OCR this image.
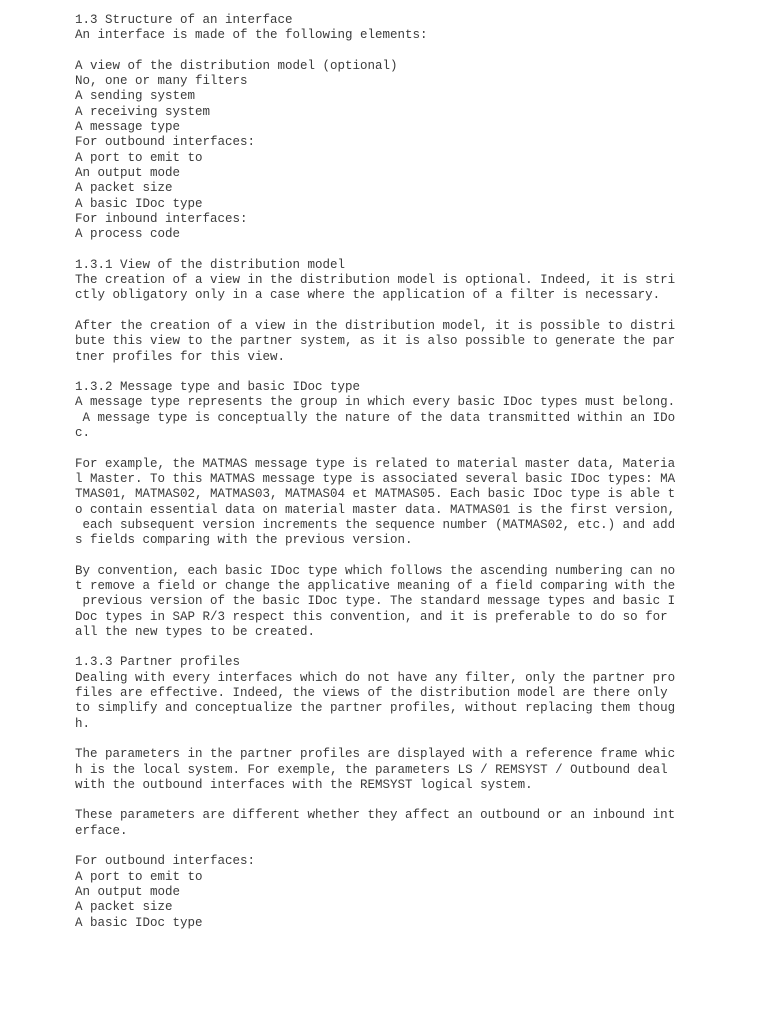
1.3 Structure of an interface
An interface is made of the following elements:
A view of the distribution model (optional)
No, one or many filters
A sending system
A receiving system
A message type
For outbound interfaces:
A port to emit to
An output mode
A packet size
A basic IDoc type
For inbound interfaces:
A process code
1.3.1 View of the distribution model
The creation of a view in the distribution model is optional. Indeed, it is stri
ctly obligatory only in a case where the application of a filter is necessary.
After the creation of a view in the distribution model, it is possible to distri
bute this view to the partner system, as it is also possible to generate the par
tner profiles for this view.
1.3.2 Message type and basic IDoc type
A message type represents the group in which every basic IDoc types must belong.
A message type is conceptually the nature of the data transmitted within an IDo
c.
For example, the MATMAS message type is related to material master data, Materia
l Master. To this MATMAS message type is associated several basic IDoc types: MA
TMAS01, MATMAS02, MATMAS03, MATMAS04 et MATMAS05. Each basic IDoc type is able t
o contain essential data on material master data. MATMAS01 is the first version,
each subsequent version increments the sequence number (MATMAS02, etc.) and add
s fields comparing with the previous version.
By convention, each basic IDoc type which follows the ascending numbering can no
t remove a field or change the applicative meaning of a field comparing with the
previous version of the basic IDoc type. The standard message types and basic I
Doc types in SAP R/3 respect this convention, and it is preferable to do so for
all the new types to be created.
1.3.3 Partner profiles
Dealing with every interfaces which do not have any filter, only the partner pro
files are effective. Indeed, the views of the distribution model are there only
to simplify and conceptualize the partner profiles, without replacing them thoug
h.
The parameters in the partner profiles are displayed with a reference frame whic
h is the local system. For exemple, the parameters LS / REMSYST / Outbound deal
with the outbound interfaces with the REMSYST logical system.
These parameters are different whether they affect an outbound or an inbound int
erface.
For outbound interfaces:
A port to emit to
An output mode
A packet size
A basic IDoc type
